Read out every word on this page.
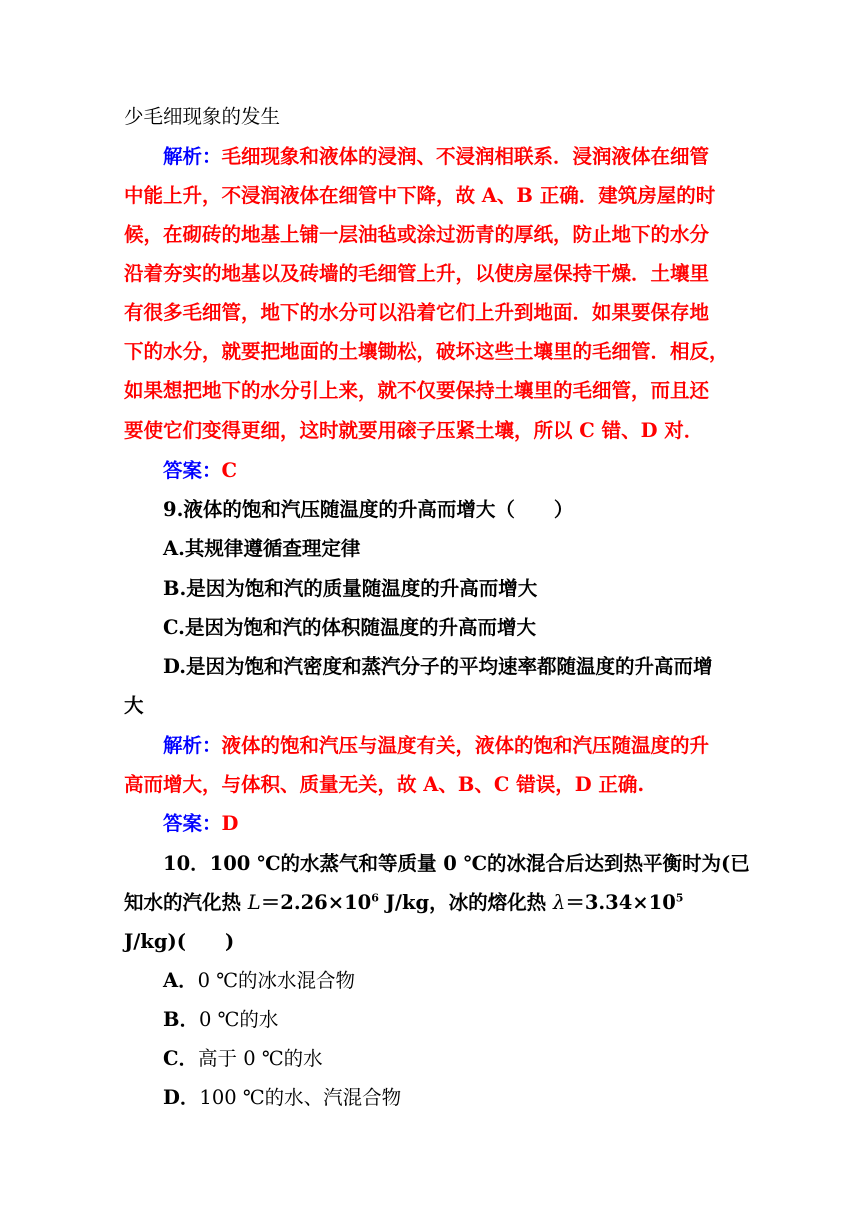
少毛细现象的发生
解析：毛细现象和液体的浸润、不浸润相联系．浸润液体在细管
中能上升，不浸润液体在细管中下降，故 A、B 正确．建筑房屋的时
候，在砌砖的地基上铺一层油毡或涂过沥青的厚纸，防止地下的水分
沿着夯实的地基以及砖墙的毛细管上升，以使房屋保持干燥．土壤里
有很多毛细管，地下的水分可以沿着它们上升到地面．如果要保存地
下的水分，就要把地面的土壤锄松，破坏这些土壤里的毛细管．相反，
如果想把地下的水分引上来，就不仅要保持土壤里的毛细管，而且还
要使它们变得更细，这时就要用磙子压紧土壤，所以 C 错、D 对．
答案：C
9.液体的饱和汽压随温度的升高而增大（　　）
A.其规律遵循查理定律
B.是因为饱和汽的质量随温度的升高而增大
C.是因为饱和汽的体积随温度的升高而增大
D.是因为饱和汽密度和蒸汽分子的平均速率都随温度的升高而增
大
解析：液体的饱和汽压与温度有关，液体的饱和汽压随温度的升
高而增大，与体积、质量无关，故 A、B、C 错误，D 正确.
答案：D
10．100 ℃的水蒸气和等质量 0 ℃的冰混合后达到热平衡时为(已
知水的汽化热 $L=2.26\times 10^6$ J/kg，冰的熔化热 $\lambda=3.34\times 10^5$
J/kg)(　　)
A．0 ℃的冰水混合物
B．0 ℃的水
C．高于 0 ℃的水
D．100 ℃的水、汽混合物
